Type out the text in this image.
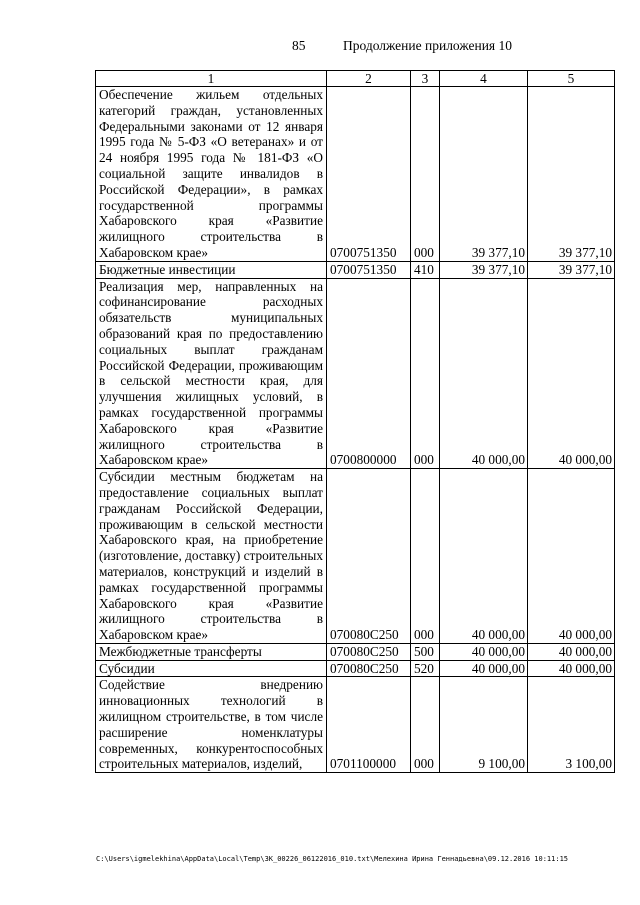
85	Продолжение приложения 10
1	2	3	4	5
Обеспечение жильем отдельных категорий граждан, установленных Федеральными законами от 12 января 1995 года № 5-ФЗ «О ветеранах» и от 24 ноября 1995 года № 181-ФЗ «О социальной защите инвалидов в Российской Федерации», в рамках государственной программы Хабаровского края «Развитие жилищного строительства в Хабаровском крае»	0700751350	000	39 377,10	39 377,10
Бюджетные инвестиции	0700751350	410	39 377,10	39 377,10
Реализация мер, направленных на софинансирование расходных обязательств муниципальных образований края по предоставлению социальных выплат гражданам Российской Федерации, проживающим в сельской местности края, для улучшения жилищных условий, в рамках государственной программы Хабаровского края «Развитие жилищного строительства в Хабаровском крае»	0700800000	000	40 000,00	40 000,00
Субсидии местным бюджетам на предоставление социальных выплат гражданам Российской Федерации, проживающим в сельской местности Хабаровского края, на приобретение (изготовление, доставку) строительных материалов, конструкций и изделий в рамках государственной программы Хабаровского края «Развитие жилищного строительства в Хабаровском крае»	070080С250	000	40 000,00	40 000,00
Межбюджетные трансферты	070080С250	500	40 000,00	40 000,00
Субсидии	070080С250	520	40 000,00	40 000,00
Содействие внедрению инновационных технологий в жилищном строительстве, в том числе расширение номенклатуры современных, конкурентоспособных строительных материалов, изделий,	0701100000	000	9 100,00	3 100,00
C:\Users\igmelekhina\AppData\Local\Temp\ЗК_00226_06122016_010.txt\Мелехина Ирина Геннадьевна\09.12.2016 10:11:15
